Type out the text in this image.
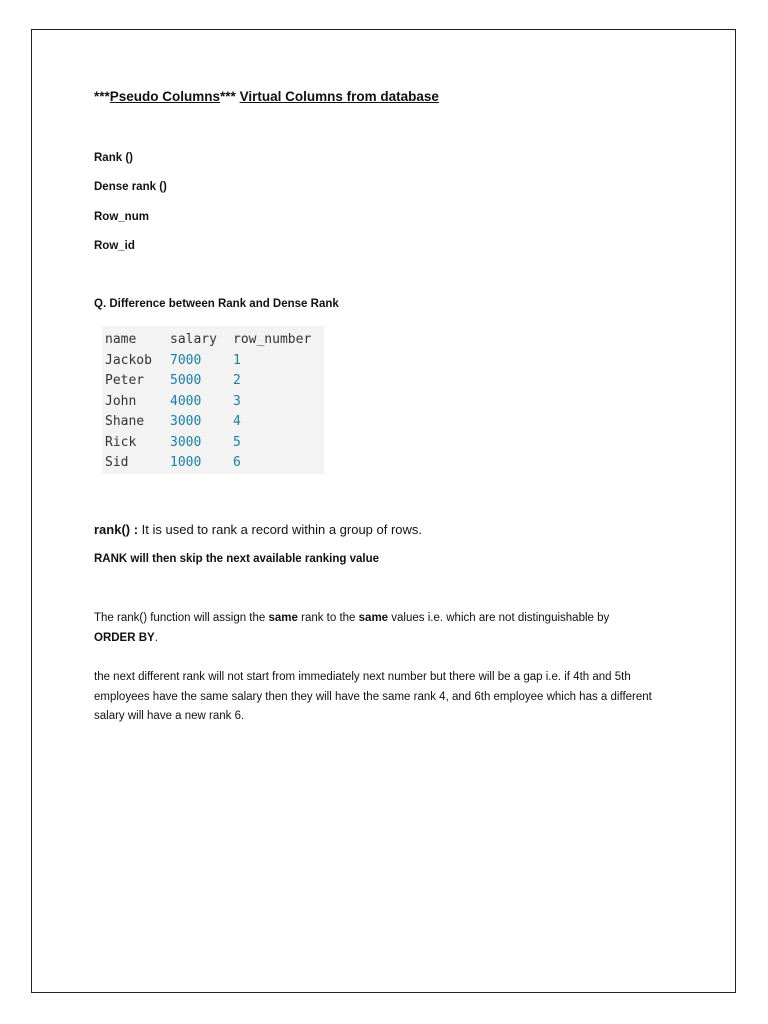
***Pseudo Columns*** Virtual Columns from database
Rank ()
Dense rank ()
Row_num
Row_id
Q. Difference between Rank and Dense Rank
name	salary	row_number
Jackob	7000	1
Peter	5000	2
John	4000	3
Shane	3000	4
Rick	3000	5
Sid	1000	6
rank() : It is used to rank a record within a group of rows.
RANK will then skip the next available ranking value
The rank() function will assign the same rank to the same values i.e. which are not distinguishable by
ORDER BY.
the next different rank will not start from immediately next number but there will be a gap i.e. if 4th and 5th employees have the same salary then they will have the same rank 4, and 6th employee which has a different salary will have a new rank 6.
